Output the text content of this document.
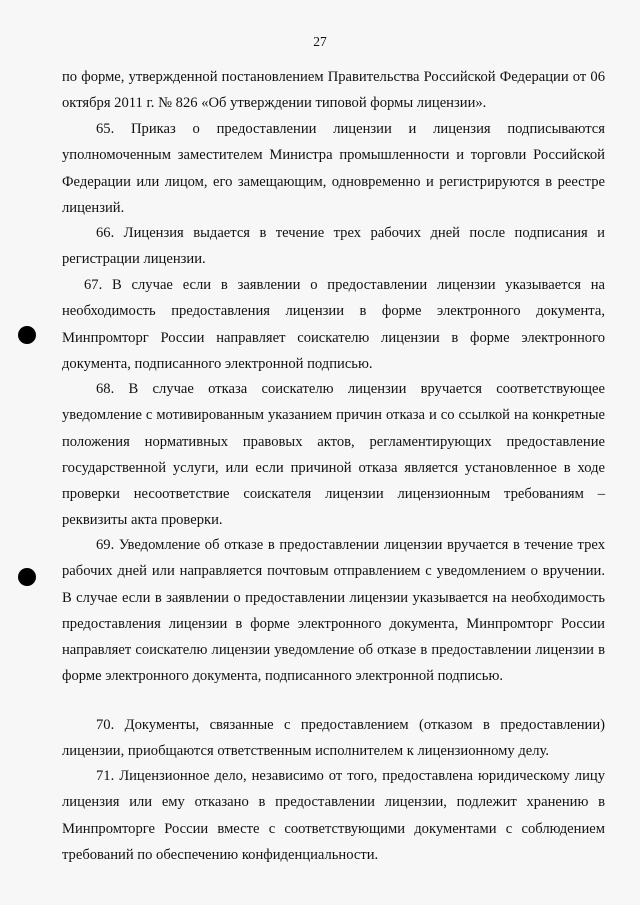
27

по форме, утвержденной постановлением Правительства Российской Федерации от 06 октября 2011 г. № 826 «Об утверждении типовой формы лицензии».

65. Приказ о предоставлении лицензии и лицензия подписываются уполномоченным заместителем Министра промышленности и торговли Российской Федерации или лицом, его замещающим, одновременно и регистрируются в реестре лицензий.

66. Лицензия выдается в течение трех рабочих дней после подписания и регистрации лицензии.

67. В случае если в заявлении о предоставлении лицензии указывается на необходимость предоставления лицензии в форме электронного документа, Минпромторг России направляет соискателю лицензии в форме электронного документа, подписанного электронной подписью.

68. В случае отказа соискателю лицензии вручается соответствующее уведомление с мотивированным указанием причин отказа и со ссылкой на конкретные положения нормативных правовых актов, регламентирующих предоставление государственной услуги, или если причиной отказа является установленное в ходе проверки несоответствие соискателя лицензии лицензионным требованиям – реквизиты акта проверки.

69. Уведомление об отказе в предоставлении лицензии вручается в течение трех рабочих дней или направляется почтовым отправлением с уведомлением о вручении. В случае если в заявлении о предоставлении лицензии указывается на необходимость предоставления лицензии в форме электронного документа, Минпромторг России направляет соискателю лицензии уведомление об отказе в предоставлении лицензии в форме электронного документа, подписанного электронной подписью.

70. Документы, связанные с предоставлением (отказом в предоставлении) лицензии, приобщаются ответственным исполнителем к лицензионному делу.

71. Лицензионное дело, независимо от того, предоставлена юридическому лицу лицензия или ему отказано в предоставлении лицензии, подлежит хранению в Минпромторге России вместе с соответствующими документами с соблюдением требований по обеспечению конфиденциальности.
